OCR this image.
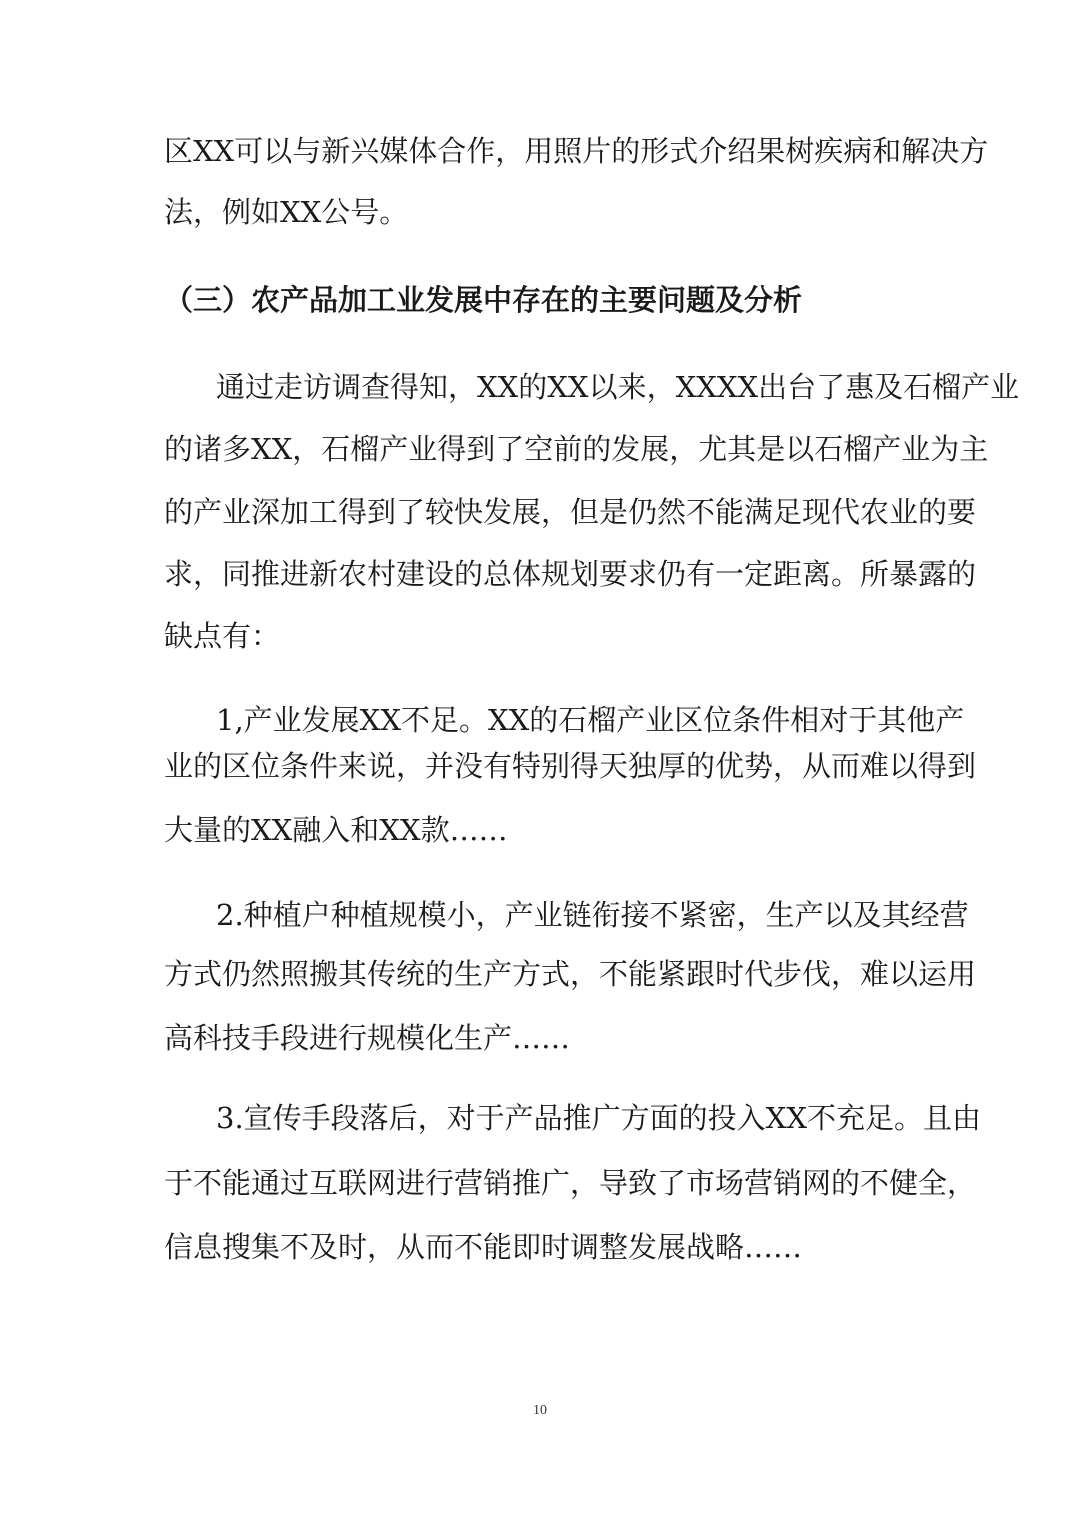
区XX可以与新兴媒体合作，用照片的形式介绍果树疾病和解决方
法，例如XX公号。
（三）农产品加工业发展中存在的主要问题及分析
通过走访调查得知，XX的XX以来，XXXX出台了惠及石榴产业
的诸多XX，石榴产业得到了空前的发展，尤其是以石榴产业为主
的产业深加工得到了较快发展，但是仍然不能满足现代农业的要
求，同推进新农村建设的总体规划要求仍有一定距离。所暴露的
缺点有：
1,产业发展XX不足。XX的石榴产业区位条件相对于其他产
业的区位条件来说，并没有特别得天独厚的优势，从而难以得到
大量的XX融入和XX款……
2.种植户种植规模小，产业链衔接不紧密，生产以及其经营
方式仍然照搬其传统的生产方式，不能紧跟时代步伐，难以运用
高科技手段进行规模化生产……
3.宣传手段落后，对于产品推广方面的投入XX不充足。且由
于不能通过互联网进行营销推广，导致了市场营销网的不健全，
信息搜集不及时，从而不能即时调整发展战略……
10
